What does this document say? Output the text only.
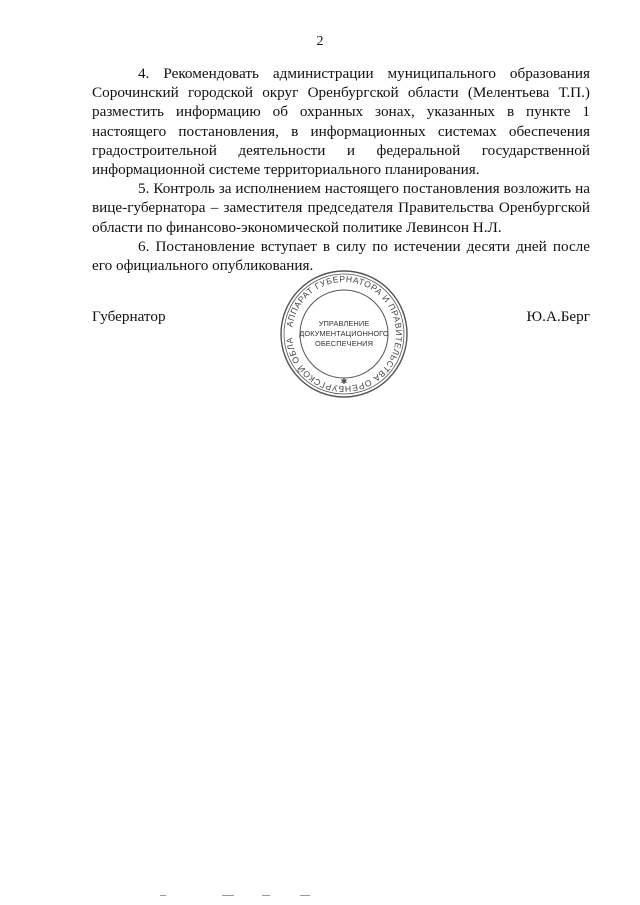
2

4. Рекомендовать администрации муниципального образования Сорочинский городской округ Оренбургской области (Мелентьева Т.П.) разместить информацию об охранных зонах, указанных в пункте 1 настоящего постановления, в информационных системах обеспечения градостроительной деятельности и федеральной государственной информационной системе территориального планирования.

5. Контроль за исполнением настоящего постановления возложить на вице-губернатора – заместителя председателя Правительства Оренбургской области по финансово-экономической политике Левинсон Н.Л.

6. Постановление вступает в силу по истечении десяти дней после его официального опубликования.

Губернатор	Ю.А.Берг
АППАРАТ ГУБЕРНАТОРА И ПРАВИТЕЛЬСТВА ОРЕНБУРГСКОЙ ОБЛА
✱
УПРАВЛЕНИЕ
ДОКУМЕНТАЦИОННОГО
ОБЕСПЕЧЕНИЯ
